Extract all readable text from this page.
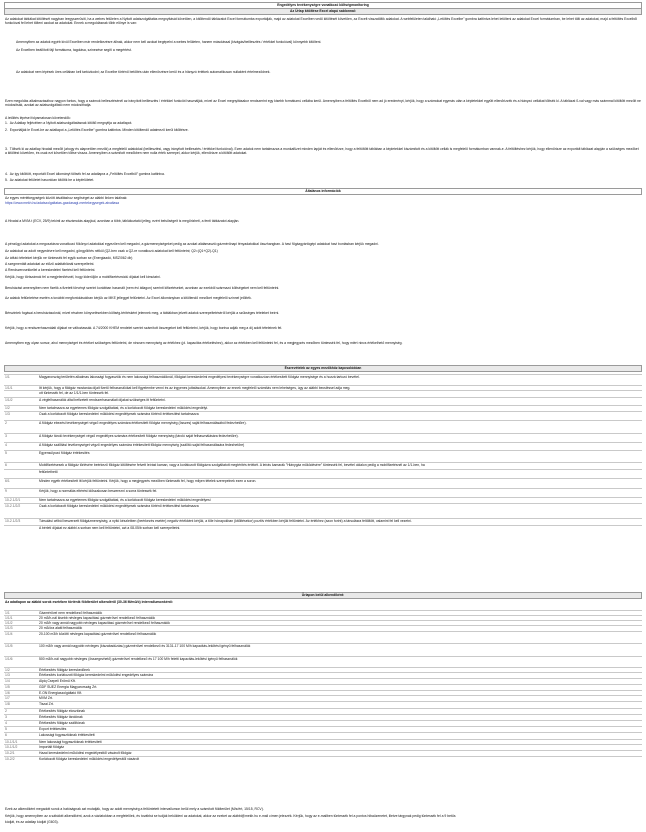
Engedélyes tevékenységre vonatkozó költségmonitoring
Az Űrlap kitöltése Excel alapú sablonnal:
Az adatokat táblákat kitöltését nagyban leegyszerűsíti, ha a webes felületen a Nyitott adatszolgáltatás megnyitását követően, a kitöltendő táblázatot Excel formátumba exportálják, majd az adatokat Excelben vedő kitöltését követően, az Excelt visszatöltik adatokat. A webfelületen található „Letöltés Excelbe” gombra kattintva lehet letölteni az adatokat Excel formátumban, be lehet tölti az adatokat, majd a feltöltés Excelből funkcióval fel lehet tölteni azokat az adatokat. Ennek a megoldásnak több előnye is van:
Amennyiben az adatok egyéb kívül Excelben már rendelkezésre állnak, akkor nem kell azokat begépelni a webes felületen, hanem másolással (kivágás/beillesztés / értékkel funkcióval) könnyebb kitölteni.
Az Excelben beállított fájl formátuma, tagolása, színezése segíti a megértést.
Az adatokat nem lépések üres cellában kell tartózkodni; az Excelbe történő betöltés után ellenőrzésre kerül és a hiányzó értékek automatikusan nullaként értelmeződnek.
Ezen megoldás alkalmazásához nagyon fontos, hogy a számok bellesztésénél az irányított beillesztés / értékkel funkciót használják, mivel az Excel megnyitásakor rendszerint egy kisebb formátumú cellába kerül. Amennyiben a feltöltés Excelből nem ad jó eredményt, kérjük, hogy a számokat egymás után a képletekkel együtt ellenőrizzék és a hiányzó cellákat töltsék ki. A táblázat 0-val vagy más számmal kitöltött mezőit ne módosítsák, azokat az adatszolgáltató nem módosíthatja.
A letöltés lépései folyamatosan követendők:
1.  Az Adatlap fejlécében a Nyitott adatszolgáltatásnak kitöltő megnyitja az adatlapot.
2.  Exportálják le Excel-be az adatlapot a „Letöltés Excelbe” gombra kattintva. Minden kitöltendő adatmező kerül kitöltésre.
3.  Töltsék ki az adatlap hivatali mezőit (ahogy és alapvetően mezők) a megfelelő adatokkal (beillesztési, vagy irányított beillesztés / értékkel funkcióval). Ezen adatok nem tartalmazza a munkafüzet minden lapját és ellenőrizze, hogy a feltöltött táblában a képletekkel kiszámított és a kitöltött cellák is megfelelő formátumban vannak-e. A feltöltéshez kérjük, hogy ellenőrizze az exportált táblázat alapján a szükséges mezőket a kitöltést követően, és csak ezt követően töltse vissza. Amennyiben a számított mezőkben nem nulla érték szerepel, akkor kérjük, ellenőrizze a kitöltött adatokat.
4.  Az így kitöltött, exportált Excel állományt töltsék fel az adatlapra a „Feltöltés Excelből” gombra kattintva.
5.  Az adatokat felületet hasonlóan kitöltik be a képfelületet.
Általános információk
Az egyes mértékegységek között átváltáshoz segítséget az alábbi linken találnak:
https://www.mekh.hu/adatszolgaltatas-gazdasagi-mertekegysegek-atvaltasa
A Hivatal a MVM-t (ECV, 25/9) tekinti az elszámolás alapjául, azonban a több, táblákoztatói jelleg, ezért belsőségeit is megőrizheti, a fenti táblázatot alapján.
A pénzügyi adatokat a megosztásra vonatkozó főkönyvi adatokkal egyezően kell megadni, a gázmennyiségeket pedig az azokat alátámasztó gázmérőnapi tényadatokkal összhangban. A havi főgázgyártógépi adatokat havi bontásban kérjük megadni.
Az adatokat az adott negyedévre kell megadni, göngyölítés nélkül (Q2-ben csak a Q2-re vonatkozó adatokat kell feltüntetni; Q2=(Q1+Q2)-Q1)
Az átfutó tételeket kérjük ne tüntessék fel egyik sorban se (Energiaadó, MSZ/062 db)
A szegmentált adatokat az előző adattáblánál szerepeltetni.
A Rendszercsekkellel a kereskedelmi fizetést kell feltüntetni.
Kérjük, hogy törtszámok fel a megjelenítésnél, hogy kiderüljön a mobilfizetésmódú díjakat kell kimutatni.
Beruházást amennyiben nem fizetik a fizetett törvényi szerint korábban használt (nem évi átlagon) szerinti kifizetéseket, azonban az ezekből származó költségeket nem kell feltüntetni.
Az adatok feltüntetése esetén a további megfontolásokban kérjük az MKE jelleggel feltüntetni. Az Excel állományban a kitöltendő mezőket megfelelő színnel jelölték.
Bérszintek fogásai a beruházásoknál, mivel részben könyvelésekben költség-térítésként jelennek meg, a táblákban jelzett adatok szerepeltetéséről kérjük a szükséges tételeket beírni.
Kérjük, hogy a rendszerhasználati díjakat ne változtassák. A 74/2000 KHEM rendelet szerint számított összegeket kell feltüntetni, kérjük, hogy bontva adják meg a díj adott tételeinek fel.
Amennyiben egy olyan sorsor, ahol mennyiséget és értéket szükséges feltüntetni, de nincsen mennyiség az értékhez (pl. kapacitás értékeléshez), akkor az értékben kell feltüntetni fel, és a megjegyzés mezőben tüntessék fel, hogy miért nincs értékelhető mennyiség.
Észrevételek az egyes mezőkhöz kapcsolódóan
1/1	Magyarország területén alkalmas lakossági fogyasztók és nem lakossági felhasználóknál, földgázt kereskedelmi engedélyesi tevékenységre vonatkozóan értékesített földgáz mennyisége és a hozzá tartozó bevétel.
1/1/1	Itt kérjük, hogy a földgáz mostanáa díjait fizető felhasználókat kell figyelembe venni és az ingyenes juttatásokat. Amennyiben az ennek megfelelő számítás nem lehetséges, úgy az alábbi becsléssel adja meg.
ott tüntessék fel, de az 1/1/1-ben tüntessék fel.
1/1/2	A végfelhasználók által befizetett rendszerhasználati díjakat szükséges itt feltüntetni.
1/2	Nem tartalmazza az egyetemes földgáz szolgáltatást, és a korlátozott földgáz kereskedelmi működési engedélyt.
1/3	Csak a korlátozott földgáz kereskedelmi működési engedélyesek számára történő értékesítést tartalmazza
2	A földgáz ebezési tevékenységet végző engedélyes számára értékesített földgáz mennyiség (összes) saját felhasználásából fedezhetőre).
3	A földgáz tároló tevékenységet végző engedélyes számára értékesített földgáz mennyiség (tároló saját felhasználására fedezhetőre).
4	A földgáz szállítási tevékenységet végző engedélyes számára értékesített földgáz mennyiség (szállító saját felhasználására fedezhetőre)
5	Egyensúlyozó földgáz értékesítés
6	Mobilfizetésesek a földgáz törlésére beérkező földgáz kitöltésére felvett leírást kaman, vagy a korlátozott földgázra szolgáltatott megtérítés értékét. A leírás kamarák "Hiánygáz működésére" tüntessék fel, bevétel oldalon pedig a mobilfizetésnél az 1/1-ben, ha
feltüntethető
6/1	Minden egyéb értékesített itt kérjük feltüntetni. Kérjük, hogy a megjegyzés mezőben tüntessék fel, hogy milyen tételek szerepelnek ezen a soron.
9	Kérjük, hogy a normálás eltérést időszakosan beszerezni a sorra tüntessék fel.
10-2.1/2/1	Nem tartalmazza az egyetemes földgáz szolgáltatást, és a korlátozott földgáz kereskedelmi működési engedélyesi
10-2.1/2/2	Csak a korlátozott földgáz kereskedelmi működési engedélyesek számára történő értékesítést tartalmazza
10-2.1/2/3	Társulási célból beszerzett földgázmennyiség, a nyitó készletben (beérkezés esetén) negatív értékként kérjük, a tőle hónapokban (kitöltésekor) pozitív értékben kérjük feltüntetni. Az értékhez (azon forint) a társulásra feltöltött, valamint fel kell vezetni.
A bérleti díjakat ez alábbi a sorban nem kell feltüntetni, azt a 08-05/b sorban kell szerepeltetni.
Űrlapon belül alkendiként:
Az adatlapon az alábbi sorok esetében történik földterület alkendéről (30-36 M/mű/ó) intervallumonkénti:
1/1	Gázmérővel nem rendelkező felhasználók
1/1/1	20 m3/h-nál kisebb névleges kapacitású gázmérővel rendelkező felhasználók
1/1/2	20 m3/h vagy annál nagyobb névleges kapacitású gázmérővel rendelkező felhasználók
1/1/3	20 m3/óra alatti felhasználók
1/1/4	20-100 m3/h közötti névleges kapacitású gázmérővel rendelkező felhasználók
1/1/5	100 m3/h vagy annál nagyobb névleges (kiszabadúzásu) gázmérővel rendelkező és 3131-17 100 M/h kapacitás-lekötési igényű felhasználók
1/1/6	500 m3/h-nál nagyobb névleges (összegezhető) gázmérővel rendelkező és 17 100 M/h feletti kapacitás-lekötési igényű felhasználók
1/2	Értékesítés földgáz kereskedőnek
1/3	Értékesítés korlátozott földgáz kereskedelmi működési engedélyes számára
1/4	Alpiq Csepeli Erőmű Kft.
1/5	GDF SUEZ Energia Magyarország Zrt.
1/6	E.ON Energiaszolgáltató Kft.
1/7	MVM Zrt.
1/8	Tiszai Zrt.
2	Értékesítés földgáz elosztónak
3	Értékesítés földgáz tárolónak
4	Értékesítés földgáz szállítónak
5	Export értékesítés
6	Lakossági fogyasztóknak értékesített
10-1/1/1	Nem lakossági fogyasztóknak értékesített
10-1/1/2	Importált földgáz
10-2/1	Hazai kereskedelmi működési engedélyesttől vásárolt földgáz
10-2/2	Korlátozott földgáz kereskedelmi működési engedélyesttől vásárolt
Ezek az alkendiként megadott sorok a hatóságnak azt mutatják, hogy az adott mennyiség a feltüntetett intervallumon belül mely a számított földterület (M/s/ért, 15/15, RCV).
Kérjük, hogy amennyiben az a sábálott alkendiként, azok a vázlatokban a megfelelőek, és továbbá se tudják beküldeni az adatokat, akkor az ezeket az alábbi@mekh.hu e-mail címen jelezzék. Kérjük, hogy az e-mailben tüntessék fel a pontos hibaüzenetet, illetve tárgynak pedig tüntessék fel a 9 betűs
kódját, és az adatlap kódját (G603).
